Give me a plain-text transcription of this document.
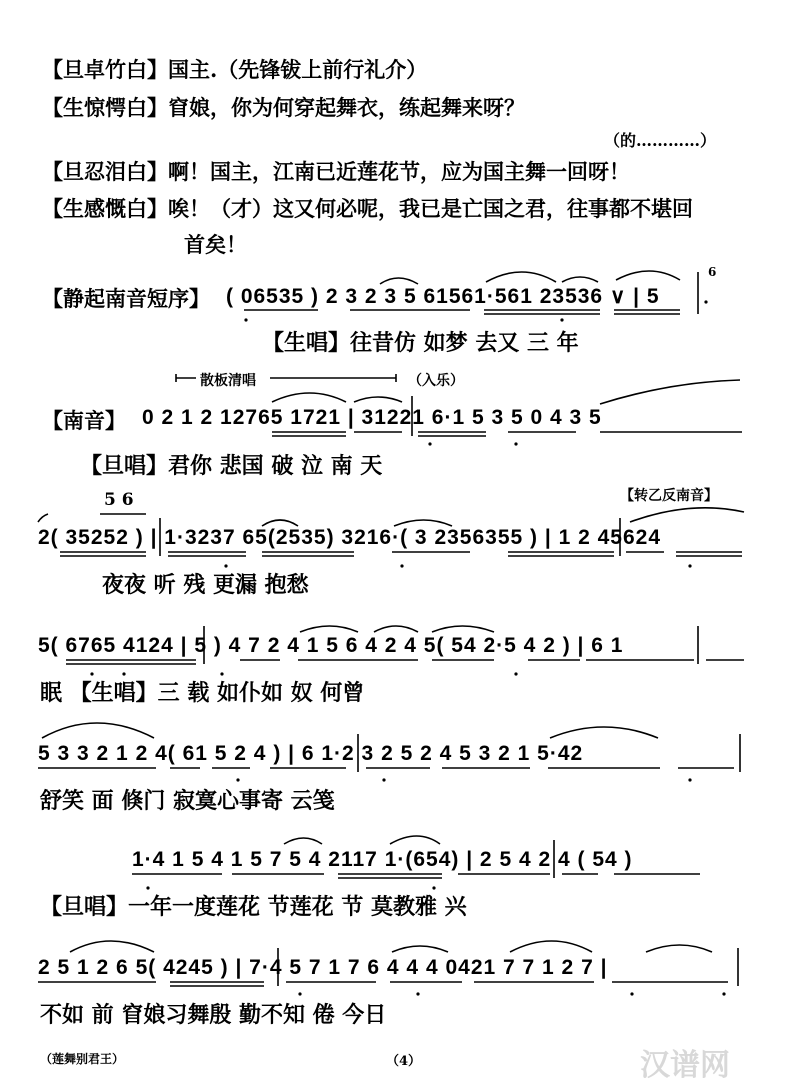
【旦卓竹白】国主.（先锋钹上前行礼介）
【生惊愕白】窅娘，你为何穿起舞衣，练起舞来呀？
（的…………）
【旦忍泪白】啊！国主，江南已近莲花节，应为国主舞一回呀！
【生感慨白】唉！（才）这又何必呢，我已是亡国之君，往事都不堪回
首矣！
【静起南音短序】
6
( 06535 ) 2 3 2 3 5 61561·561 23536 ∨ | 5
【生唱】往昔仿 如梦 去又 三 年
散板清唱	（入乐）
【南音】 0 2 1 2 12765 1721 | 31221 6·1 5 3 5 0 4 3 5
【旦唱】君你 悲国 破 泣 南 天
5 6	【转乙反南音】
2( 35252 ) | 1·3237 65(2535) 3216·( 3 2356355 ) | 1 2 45624
夜夜 听 残 更漏 抱愁
5( 6765 4124 | 5 ) 4 7 2 4 1 5 6 4 2 4 5( 54 2·5 4 2 ) | 6 1
眠 【生唱】三 载 如仆如 奴 何曾
5 3 3 2 1 2 4( 61 5 2 4 ) | 6 1·2 3 2 5 2 4 5 3 2 1 5·42
舒笑 面 倏门 寂寞心事寄 云笺
1·4 1 5 4 1 5 7 5 4 2117 1·(654) | 2 5 4 2 4 ( 54 )
【旦唱】一年一度莲花 节莲花 节 莫教雅 兴
2 5 1 2 6 5( 4245 ) | 7·4 5 7 1 7 6 4 4 4 0421 7 7 1 2 7 |
不如 前 窅娘习舞殷 勤不知 倦 今日
（莲舞别君王）	（4）	汉谱网
